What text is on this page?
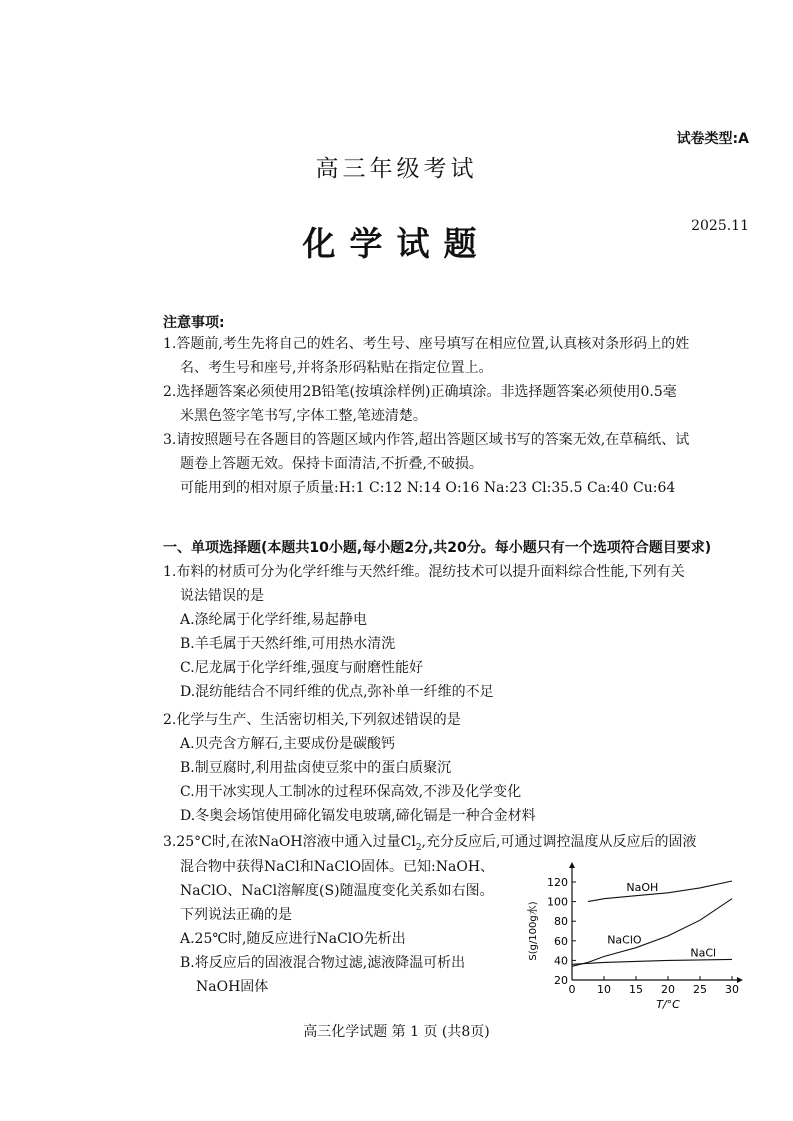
试卷类型:A
高三年级考试
化学试题	2025.11
注意事项:
1.答题前,考生先将自己的姓名、考生号、座号填写在相应位置,认真核对条形码上的姓
名、考生号和座号,并将条形码粘贴在指定位置上。
2.选择题答案必须使用2B铅笔(按填涂样例)正确填涂。非选择题答案必须使用0.5毫
米黑色签字笔书写,字体工整,笔迹清楚。
3.请按照题号在各题目的答题区域内作答,超出答题区域书写的答案无效,在草稿纸、试
题卷上答题无效。保持卡面清洁,不折叠,不破损。
可能用到的相对原子质量:H:1 C:12 N:14 O:16 Na:23 Cl:35.5 Ca:40 Cu:64
一、单项选择题(本题共10小题,每小题2分,共20分。每小题只有一个选项符合题目要求)
1.布料的材质可分为化学纤维与天然纤维。混纺技术可以提升面料综合性能,下列有关
说法错误的是
A.涤纶属于化学纤维,易起静电
B.羊毛属于天然纤维,可用热水清洗
C.尼龙属于化学纤维,强度与耐磨性能好
D.混纺能结合不同纤维的优点,弥补单一纤维的不足
2.化学与生产、生活密切相关,下列叙述错误的是
A.贝壳含方解石,主要成份是碳酸钙
B.制豆腐时,利用盐卤使豆浆中的蛋白质聚沉
C.用干冰实现人工制冰的过程环保高效,不涉及化学变化
D.冬奥会场馆使用碲化镉发电玻璃,碲化镉是一种合金材料
3.25°C时,在浓NaOH溶液中通入过量$Cl_2$,充分反应后,可通过调控温度从反应后的固液
混合物中获得NaCl和NaClO固体。已知:NaOH、
NaClO、NaCl溶解度(S)随温度变化关系如右图。
下列说法正确的是
A.25℃时,随反应进行NaClO先析出
B.将反应后的固液混合物过滤,滤液降温可析出
NaOH固体	0 10 15 20 25 30
20
40
60
80
100
120
T/°C
S(g/100g水)
NaOH
NaClO
NaCl
高三化学试题 第 1 页 (共8页)
